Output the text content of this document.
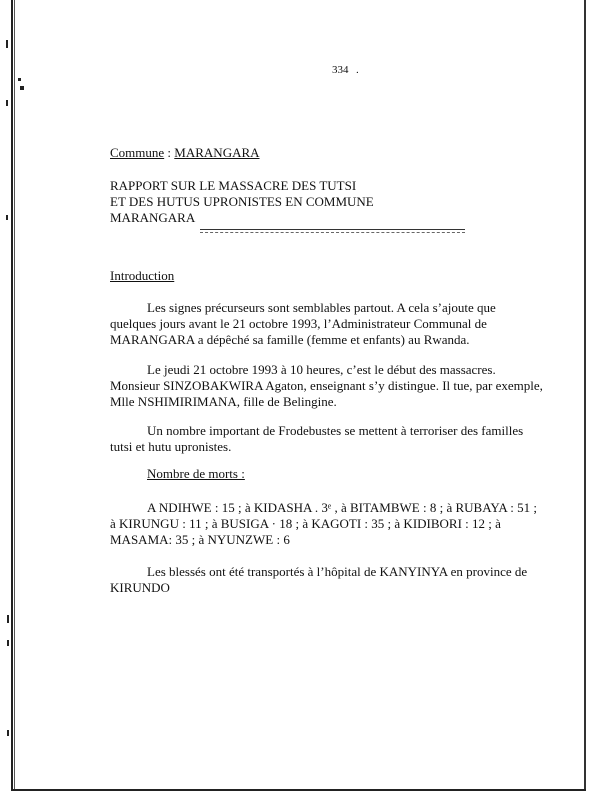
334 .
Commune : MARANGARA
RAPPORT SUR LE MASSACRE DES TUTSI
ET DES HUTUS UPRONISTES EN COMMUNE
MARANGARA
Introduction

Les signes précurseurs sont semblables partout. A cela s’ajoute que quelques jours avant le 21 octobre 1993, l’Administrateur Communal de MARANGARA a dépêché sa famille (femme et enfants) au Rwanda.

Le jeudi 21 octobre 1993 à 10 heures, c’est le début des massacres. Monsieur SINZOBAKWIRA Agaton, enseignant s’y distingue. Il tue, par exemple, Mlle NSHIMIRIMANA, fille de Belingine.

Un nombre important de Frodebustes se mettent à terroriser des familles tutsi et hutu upronistes.

Nombre de morts :

A NDIHWE : 15 ; à KIDASHA . 3ᵉ , à BITAMBWE : 8 ; à RUBAYA : 51 ; à KIRUNGU : 11 ; à BUSIGA · 18 ; à KAGOTI : 35 ; à KIDIBORI : 12 ; à MASAMA: 35 ; à NYUNZWE : 6

Les blessés ont été transportés à l’hôpital de KANYINYA en province de KIRUNDO
